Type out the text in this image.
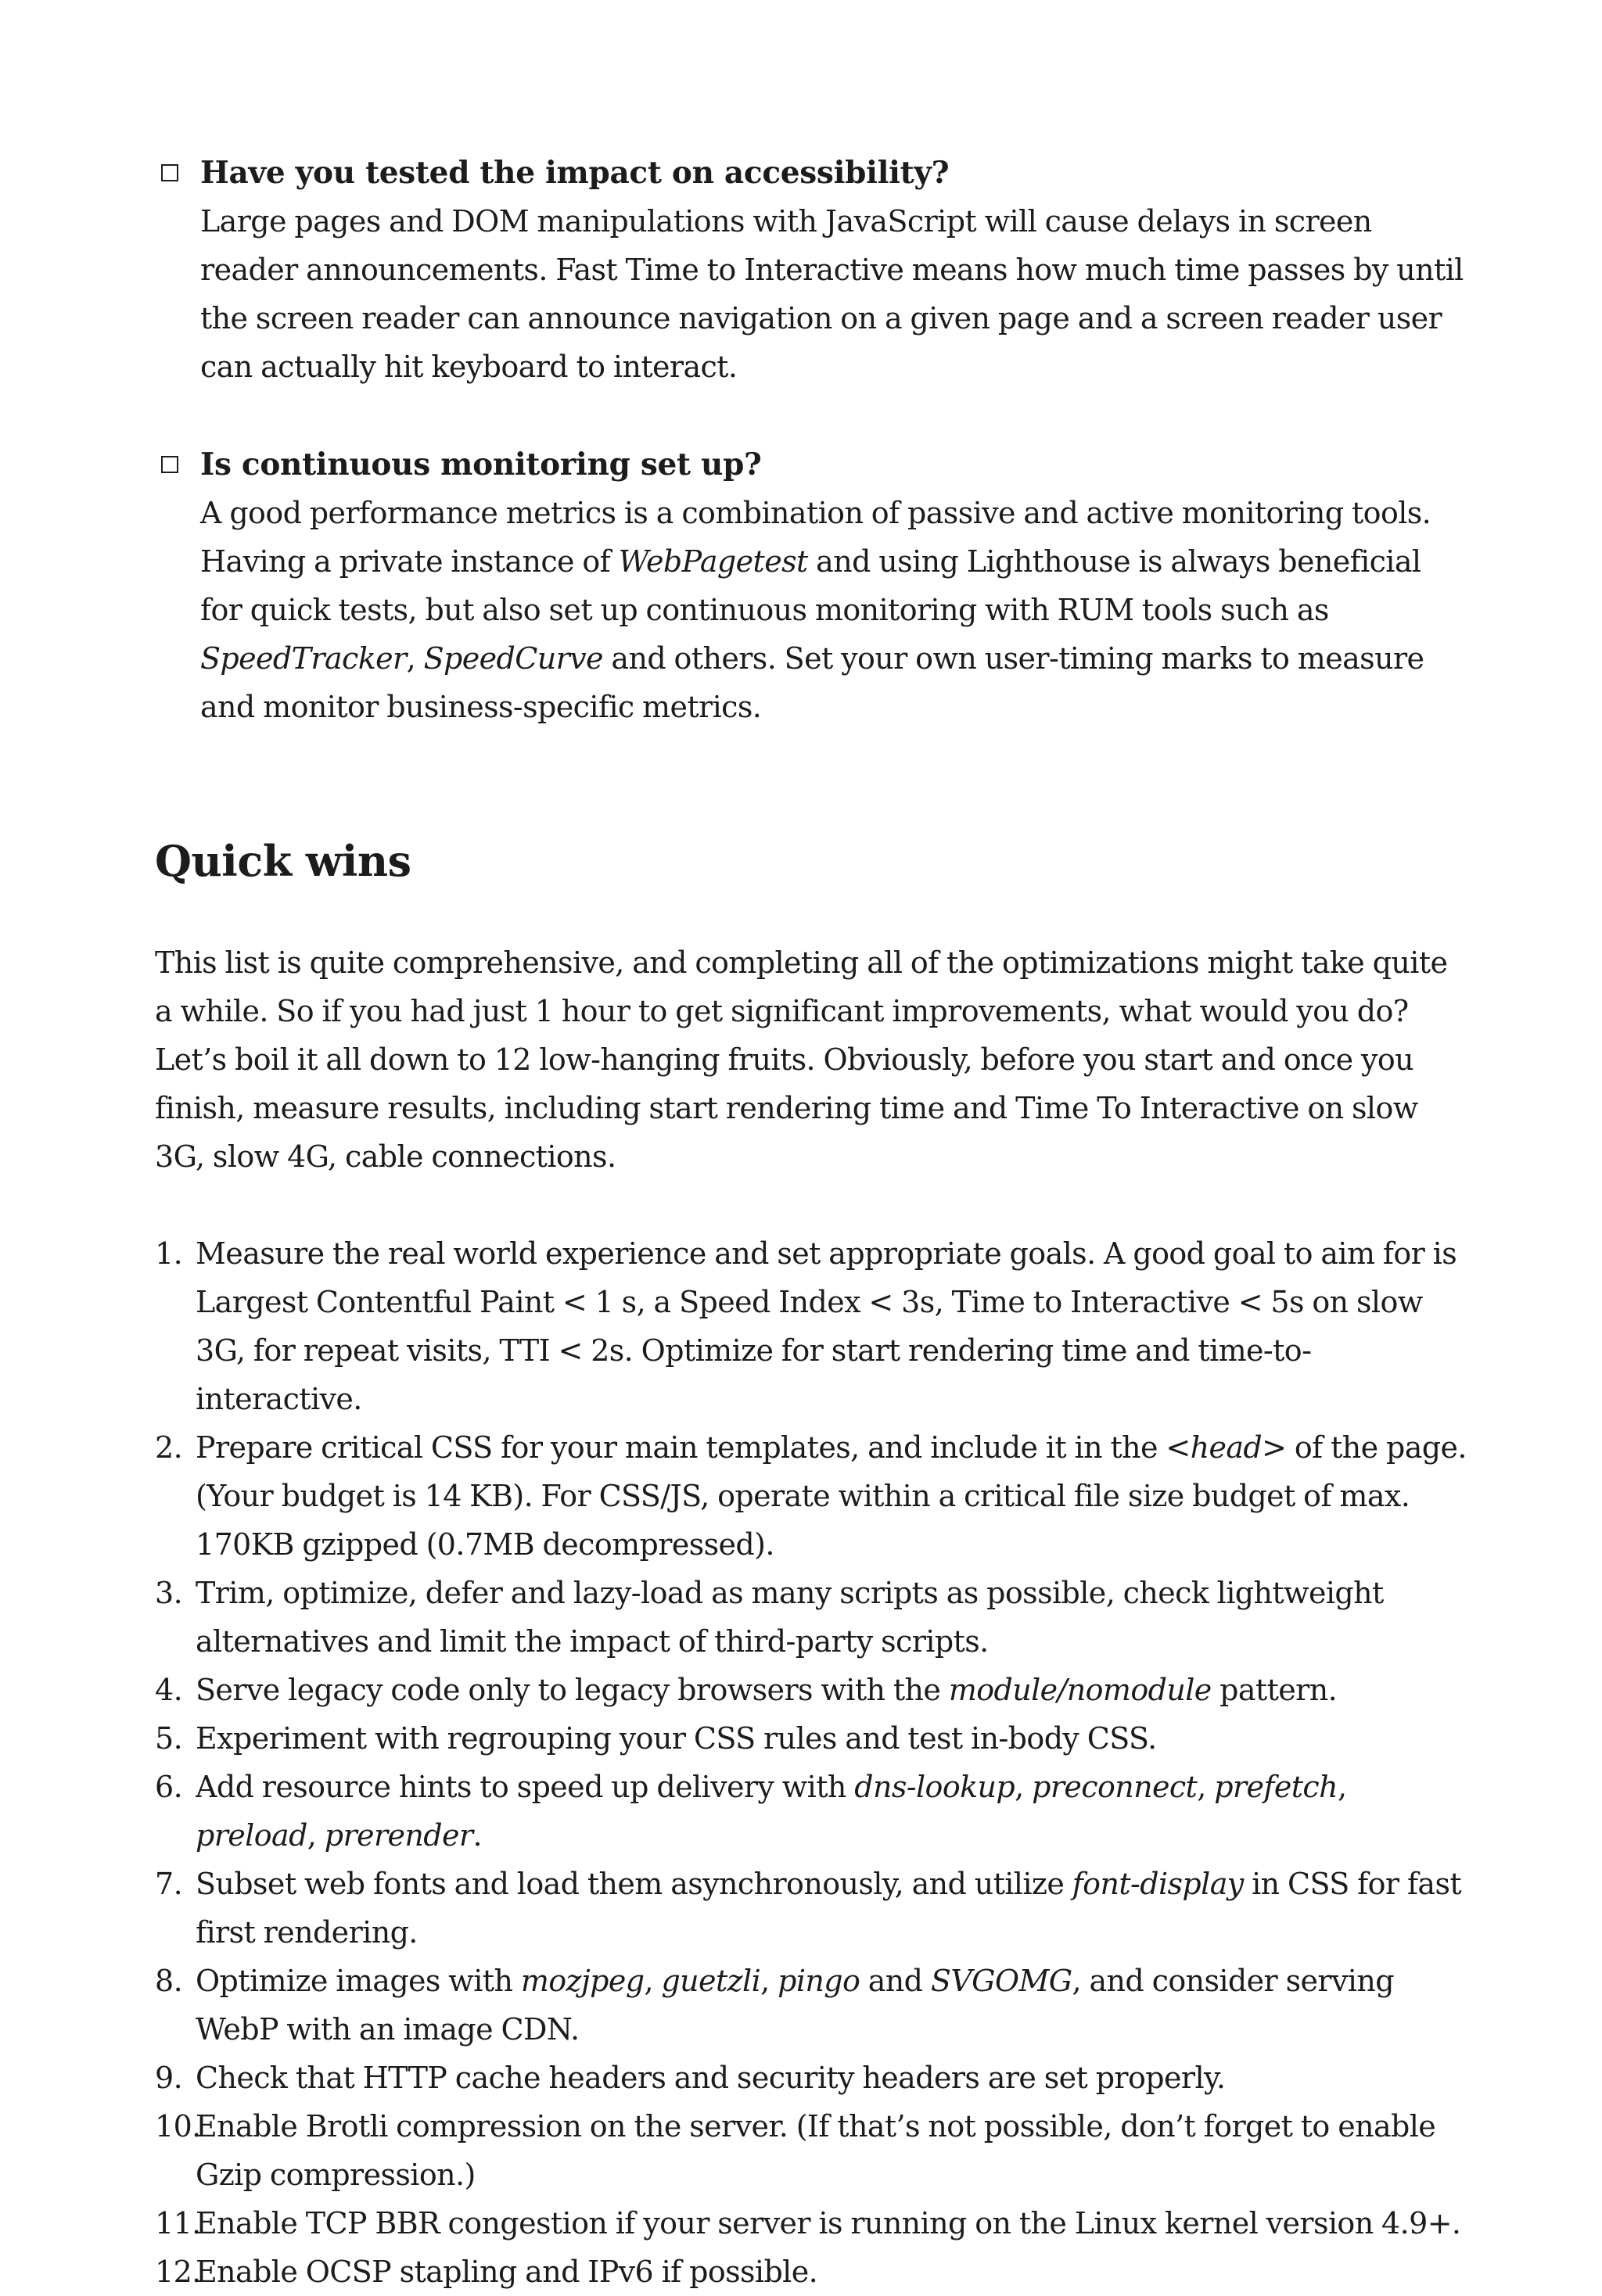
Have you tested the impact on accessibility?
Large pages and DOM manipulations with JavaScript will cause delays in screen reader announcements. Fast Time to Interactive means how much time passes by until the screen reader can announce navigation on a given page and a screen reader user can actually hit keyboard to interact.
Is continuous monitoring set up?
A good performance metrics is a combination of passive and active monitoring tools. Having a private instance of WebPagetest and using Lighthouse is always beneficial for quick tests, but also set up continuous monitoring with RUM tools such as SpeedTracker, SpeedCurve and others. Set your own user-timing marks to measure and monitor business-specific metrics.
Quick wins

This list is quite comprehensive, and completing all of the optimizations might take quite a while. So if you had just 1 hour to get significant improvements, what would you do? Let’s boil it all down to 12 low-hanging fruits. Obviously, before you start and once you finish, measure results, including start rendering time and Time To Interactive on slow 3G, slow 4G, cable connections.

1. Measure the real world experience and set appropriate goals. A good goal to aim for is Largest Contentful Paint < 1 s, a Speed Index < 3s, Time to Interactive < 5s on slow 3G, for repeat visits, TTI < 2s. Optimize for start rendering time and time-to-interactive.
2. Prepare critical CSS for your main templates, and include it in the <head> of the page. (Your budget is 14 KB). For CSS/JS, operate within a critical file size budget of max. 170KB gzipped (0.7MB decompressed).
3. Trim, optimize, defer and lazy-load as many scripts as possible, check lightweight alternatives and limit the impact of third-party scripts.
4. Serve legacy code only to legacy browsers with the module/nomodule pattern.
5. Experiment with regrouping your CSS rules and test in-body CSS.
6. Add resource hints to speed up delivery with dns-lookup, preconnect, prefetch, preload, prerender.
7. Subset web fonts and load them asynchronously, and utilize font-display in CSS for fast first rendering.
8. Optimize images with mozjpeg, guetzli, pingo and SVGOMG, and consider serving WebP with an image CDN.
9. Check that HTTP cache headers and security headers are set properly.
10.
Enable Brotli compression on the server. (If that’s not possible, don’t forget to enable Gzip compression.)
11.
Enable TCP BBR congestion if your server is running on the Linux kernel version 4.9+.
12.
Enable OCSP stapling and IPv6 if possible.
